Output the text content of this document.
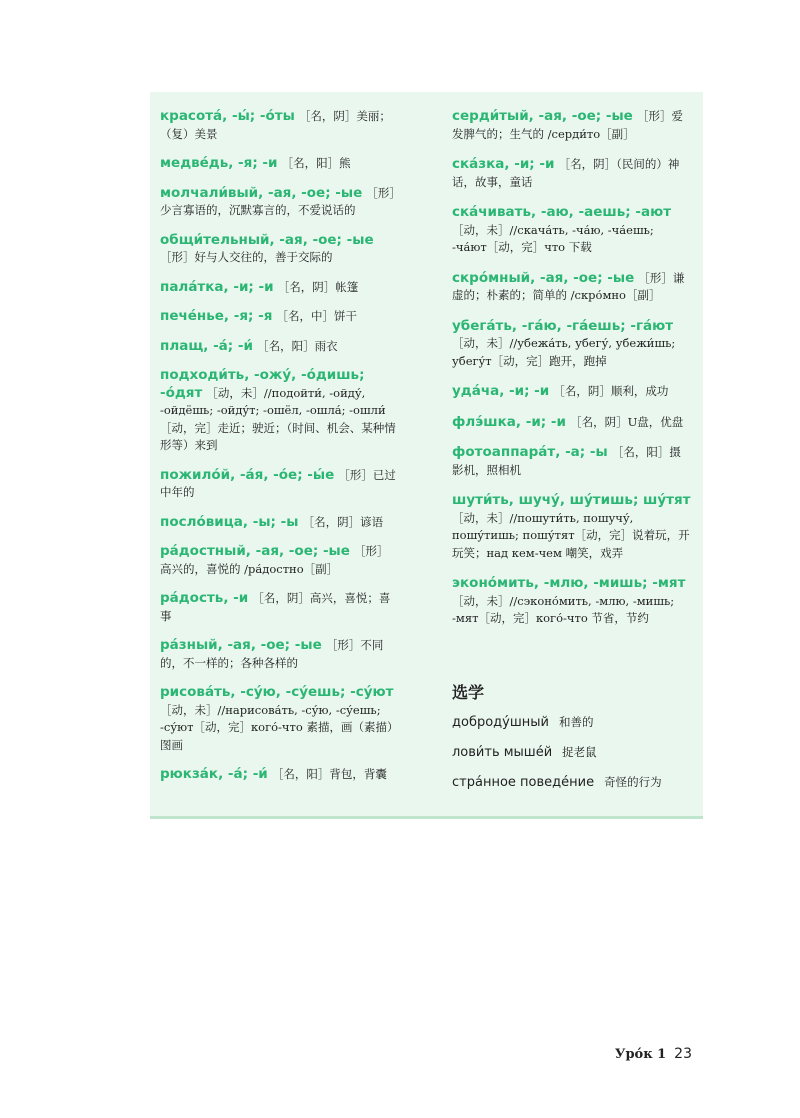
красота́, -ы́; -о́ты ［名，阴］美丽；（复）美景

медве́дь, -я; -и ［名，阳］熊

молчали́вый, -ая, -ое; -ые ［形］少言寡语的，沉默寡言的，不爱说话的

общи́тельный, -ая, -ое; -ые ［形］好与人交往的，善于交际的

пала́тка, -и; -и ［名，阴］帐篷

пече́нье, -я; -я ［名，中］饼干

плащ, -а́; -и́ ［名，阳］雨衣

подходи́ть, -ожу́, -о́дишь; -о́дят ［动，未］//подойти́, -ойду́, -ойдёшь; -ойду́т; -ошёл, -ошла́; -ошли́ ［动，完］走近；驶近；（时间、机会、某种情形等）来到

пожило́й, -а́я, -о́е; -ы́е ［形］已过中年的

посло́вица, -ы; -ы ［名，阴］谚语

ра́достный, -ая, -ое; -ые ［形］高兴的，喜悦的 /ра́достно［副］

ра́дость, -и ［名，阴］高兴，喜悦；喜事

ра́зный, -ая, -ое; -ые ［形］不同的，不一样的；各种各样的

рисова́ть, -су́ю, -су́ешь; -су́ют ［动，未］//нарисова́ть, -су́ю, -су́ешь; -су́ют［动，完］кого́-что 素描，画（素描）图画

рюкза́к, -а́; -и́ ［名，阳］背包，背囊

серди́тый, -ая, -ое; -ые ［形］爱发脾气的；生气的 /серди́то［副］

ска́зка, -и; -и ［名，阴］（民间的）神话，故事，童话

ска́чивать, -аю, -аешь; -ают ［动，未］//скача́ть, -ча́ю, -ча́ешь; -ча́ют［动，完］что 下载

скро́мный, -ая, -ое; -ые ［形］谦虚的；朴素的；简单的 /скро́мно［副］

убега́ть, -га́ю, -га́ешь; -га́ют ［动，未］//убежа́ть, убегу́, убежи́шь; убегу́т［动，完］跑开，跑掉

уда́ча, -и; -и ［名，阴］顺利，成功

флэ́шка, -и; -и ［名，阴］U盘，优盘

фотоаппара́т, -а; -ы ［名，阳］摄影机，照相机

шути́ть, шучу́, шу́тишь; шу́тят ［动，未］//пошути́ть, пошучу́, пошу́тишь; пошу́тят［动，完］说着玩，开玩笑；над кем-чем 嘲笑，戏弄

эконо́мить, -млю, -мишь; -мят ［动，未］//сэконо́мить, -млю, -мишь; -мят［动，完］кого́-что 节省，节约

选学
доброду́шный 和善的
лови́ть мыше́й 捉老鼠
стра́нное поведе́ние 奇怪的行为
Уро́к 1 23
